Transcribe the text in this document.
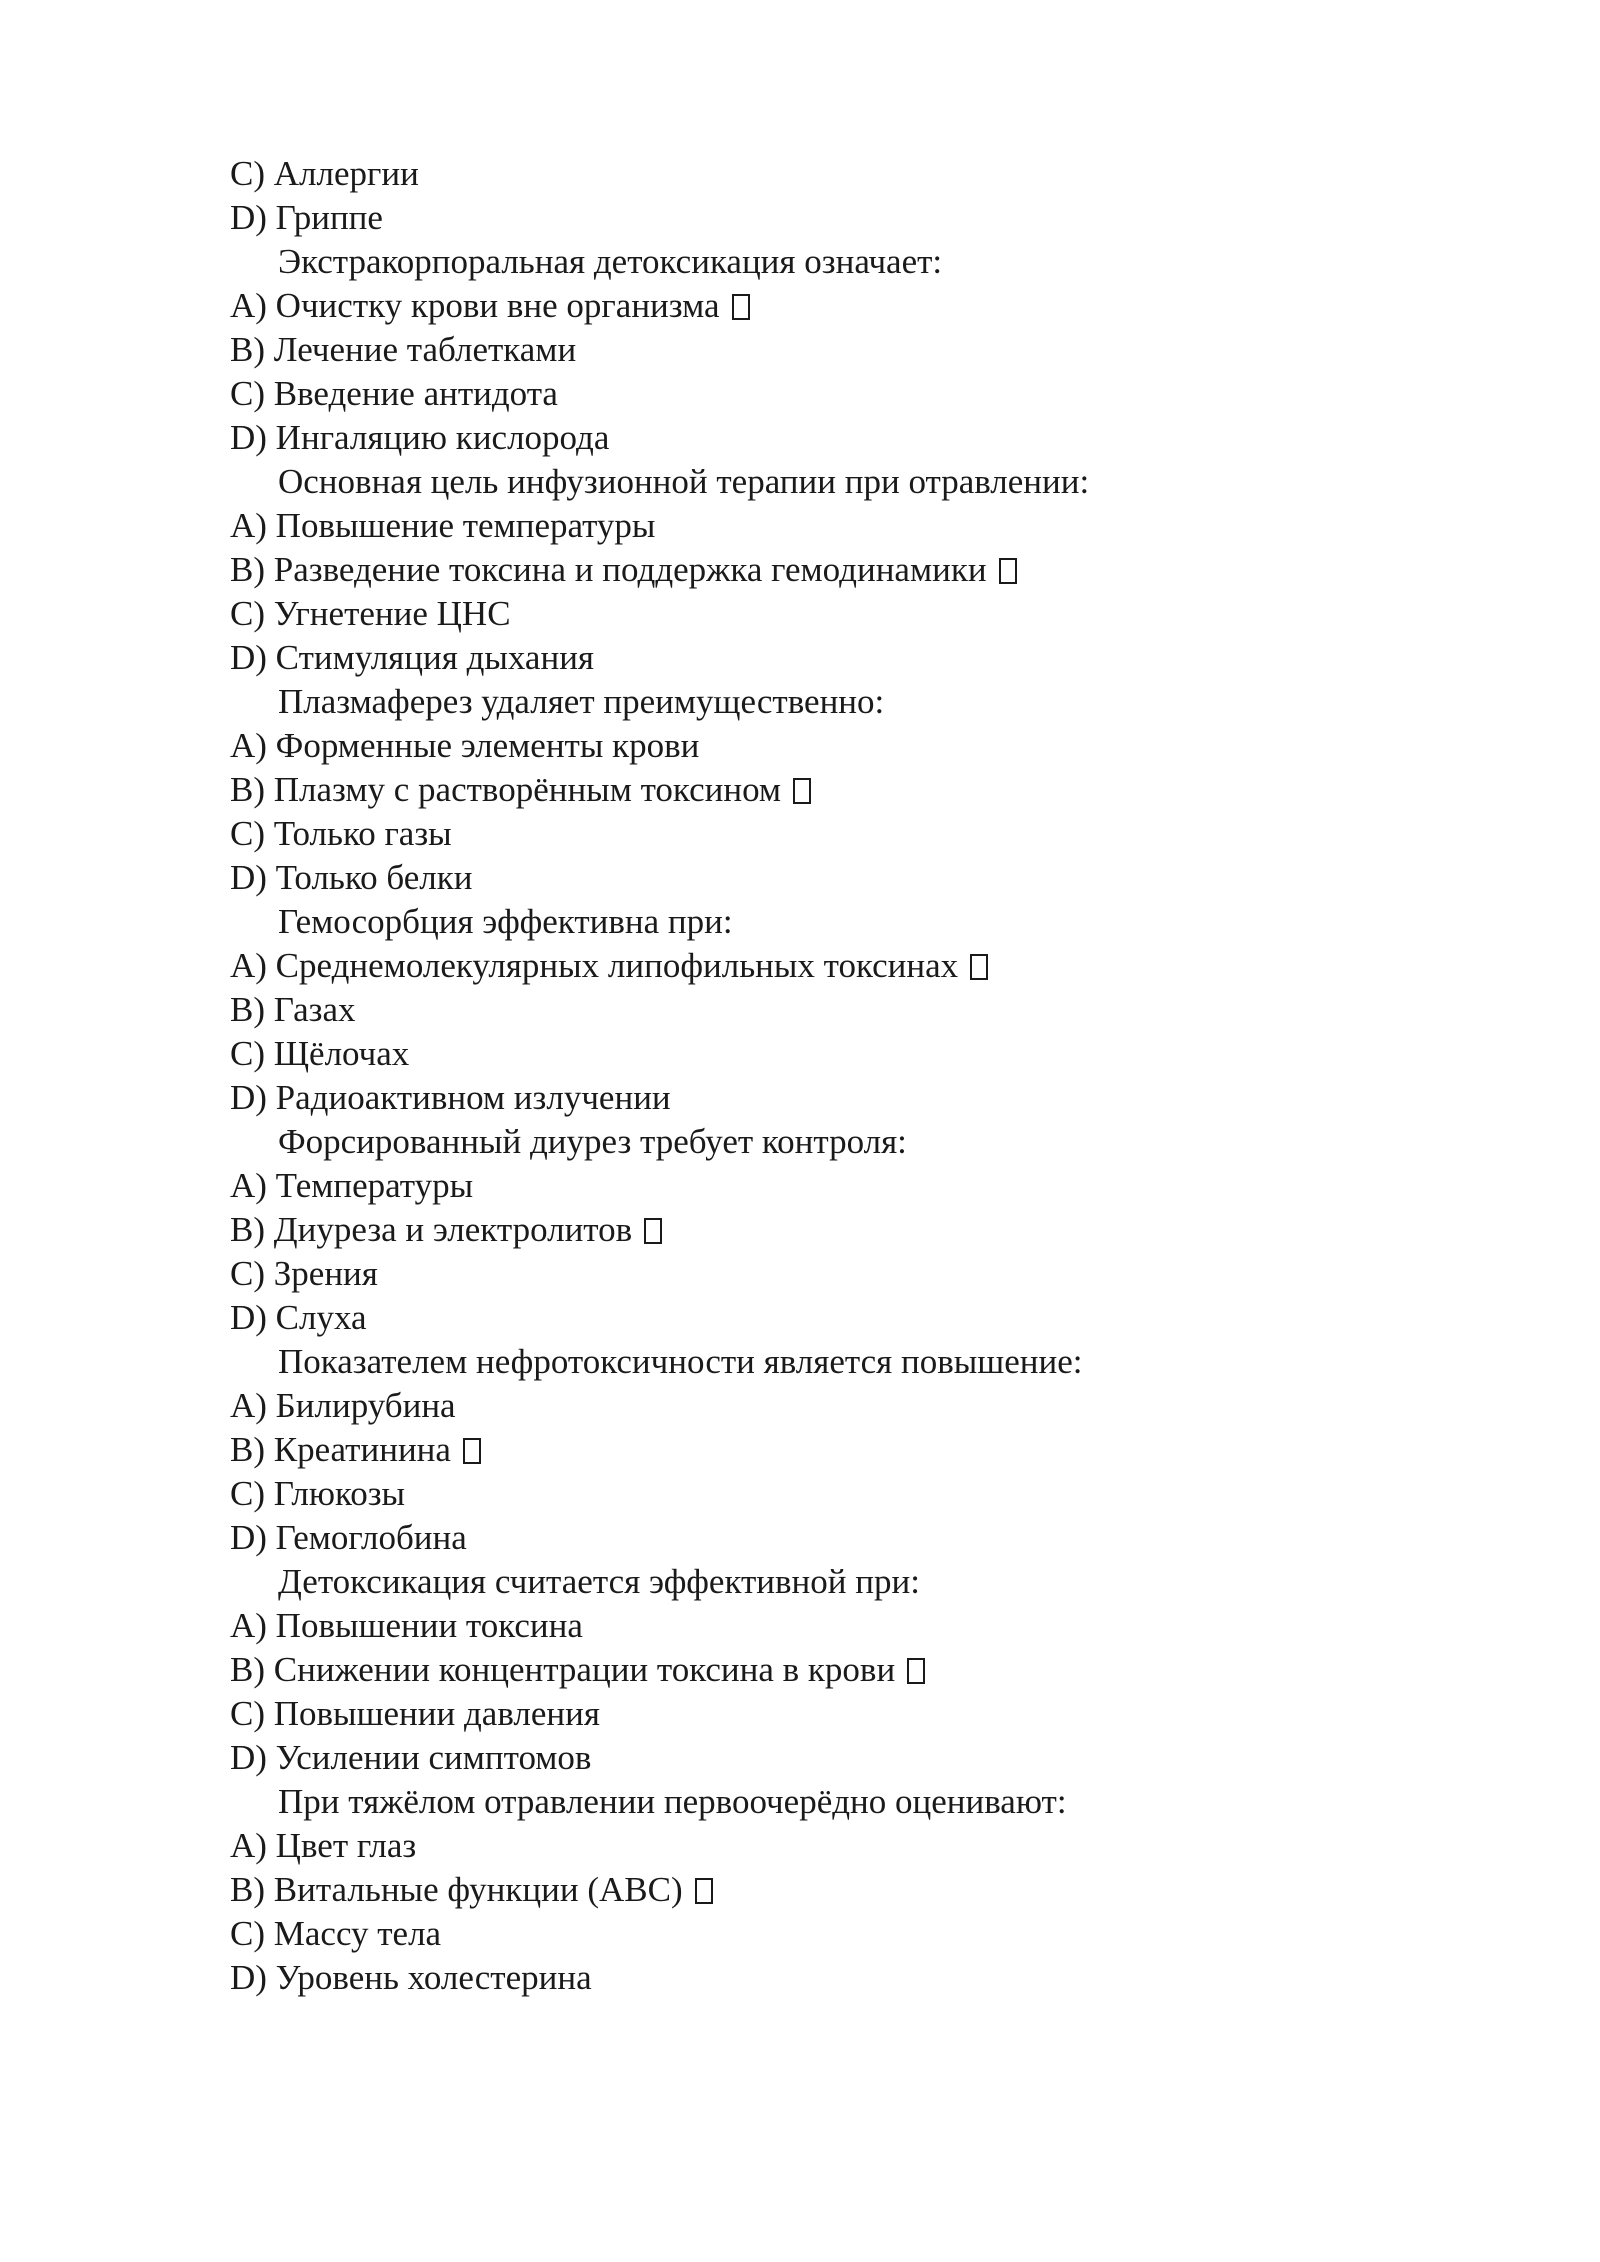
C) Аллергии
D) Гриппе
Экстракорпоральная детоксикация означает:
A) Очистку крови вне организма
B) Лечение таблетками
C) Введение антидота
D) Ингаляцию кислорода
Основная цель инфузионной терапии при отравлении:
A) Повышение температуры
B) Разведение токсина и поддержка гемодинамики
C) Угнетение ЦНС
D) Стимуляция дыхания
Плазмаферез удаляет преимущественно:
A) Форменные элементы крови
B) Плазму с растворённым токсином
C) Только газы
D) Только белки
Гемосорбция эффективна при:
A) Среднемолекулярных липофильных токсинах
B) Газах
C) Щёлочах
D) Радиоактивном излучении
Форсированный диурез требует контроля:
A) Температуры
B) Диуреза и электролитов
C) Зрения
D) Слуха
Показателем нефротоксичности является повышение:
A) Билирубина
B) Креатинина
C) Глюкозы
D) Гемоглобина
Детоксикация считается эффективной при:
A) Повышении токсина
B) Снижении концентрации токсина в крови
C) Повышении давления
D) Усилении симптомов
При тяжёлом отравлении первоочерёдно оценивают:
A) Цвет глаз
B) Витальные функции (ABC)
C) Массу тела
D) Уровень холестерина
